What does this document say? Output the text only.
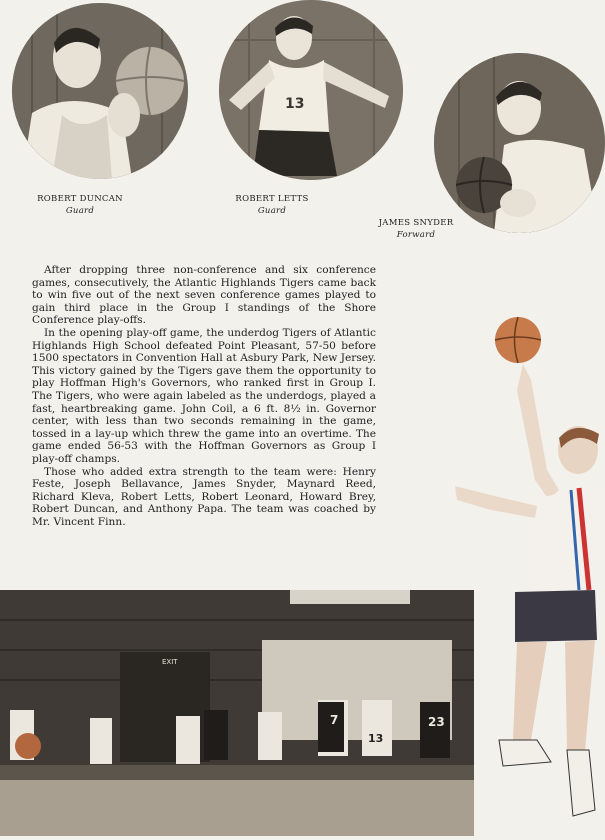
ROBERT DUNCAN
Guard
13
ROBERT LETTS
Guard
JAMES SNYDER
Forward

After dropping three non-conference and six conference games, consecutively, the Atlantic Highlands Tigers came back to win five out of the next seven conference games played to gain third place in the Group I standings of the Shore Conference play-offs.

In the opening play-off game, the underdog Tigers of Atlantic Highlands High School defeated Point Pleasant, 57-50 before 1500 spectators in Convention Hall at Asbury Park, New Jersey. This victory gained by the Tigers gave them the opportunity to play Hoffman High's Governors, who ranked first in Group I. The Tigers, who were again labeled as the underdogs, played a fast, heartbreaking game. John Coil, a 6 ft. 8½ in. Governor center, with less than two seconds remaining in the game, tossed in a lay-up which threw the game into an overtime. The game ended 56-53 with the Hoffman Governors as Group I play-off champs.

Those who added extra strength to the team were: Henry Feste, Joseph Bellavance, James Snyder, Maynard Reed, Richard Kleva, Robert Letts, Robert Leonard, Howard Brey, Robert Duncan, and Anthony Papa. The team was coached by Mr. Vincent Finn.

EXIT
7
13
23
